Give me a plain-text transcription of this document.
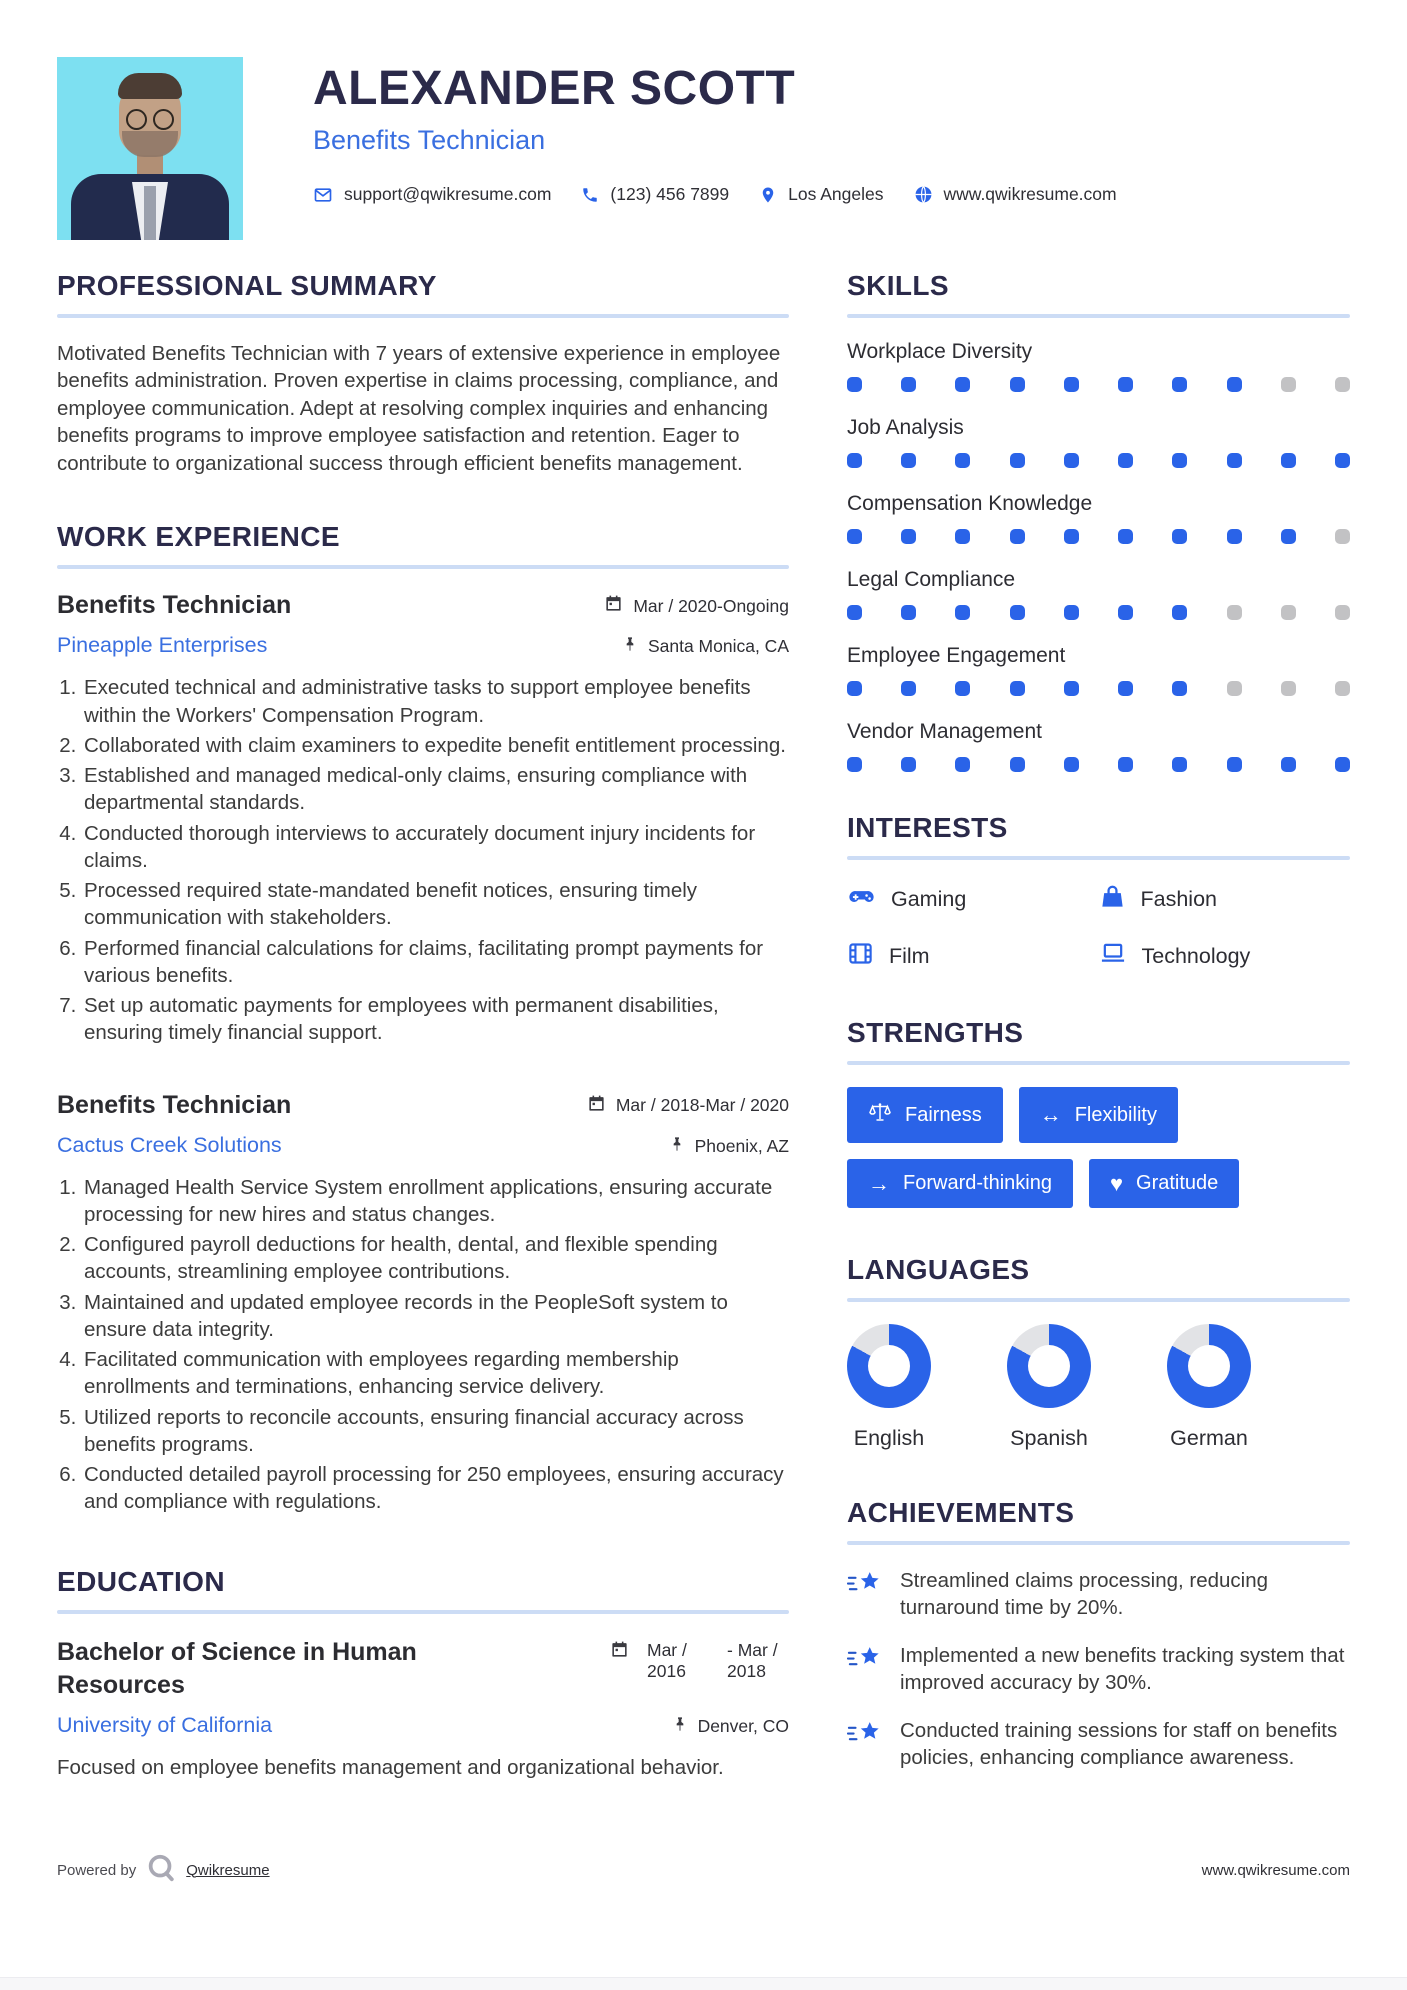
ALEXANDER SCOTT
Benefits Technician
support@qwikresume.com	(123) 456 7899	Los Angeles	www.qwikresume.com
PROFESSIONAL SUMMARY

Motivated Benefits Technician with 7 years of extensive experience in employee benefits administration. Proven expertise in claims processing, compliance, and employee communication. Adept at resolving complex inquiries and enhancing benefits programs to improve employee satisfaction and retention. Eager to contribute to organizational success through efficient benefits management.

WORK EXPERIENCE
Benefits Technician	Mar / 2020-Ongoing
Pineapple Enterprises	Santa Monica, CA
1. Executed technical and administrative tasks to support employee benefits within the Workers' Compensation Program.
2. Collaborated with claim examiners to expedite benefit entitlement processing.
3. Established and managed medical-only claims, ensuring compliance with departmental standards.
4. Conducted thorough interviews to accurately document injury incidents for claims.
5. Processed required state-mandated benefit notices, ensuring timely communication with stakeholders.
6. Performed financial calculations for claims, facilitating prompt payments for various benefits.
7. Set up automatic payments for employees with permanent disabilities, ensuring timely financial support.
Benefits Technician	Mar / 2018-Mar / 2020
Cactus Creek Solutions	Phoenix, AZ
1. Managed Health Service System enrollment applications, ensuring accurate processing for new hires and status changes.
2. Configured payroll deductions for health, dental, and flexible spending accounts, streamlining employee contributions.
3. Maintained and updated employee records in the PeopleSoft system to ensure data integrity.
4. Facilitated communication with employees regarding membership enrollments and terminations, enhancing service delivery.
5. Utilized reports to reconcile accounts, ensuring financial accuracy across benefits programs.
6. Conducted detailed payroll processing for 250 employees, ensuring accuracy and compliance with regulations.
EDUCATION
Bachelor of Science in Human Resources
Mar / 2016
- Mar / 2018
University of California	Denver, CO
Focused on employee benefits management and organizational behavior.
SKILLS

Workplace Diversity

Job Analysis

Compensation Knowledge

Legal Compliance

Employee Engagement

Vendor Management

INTERESTS
Gaming	Fashion
Film	Technology
STRENGTHS
Fairness	↔ Flexibility
→ Forward-thinking	♥ Gratitude
LANGUAGES
English	Spanish	German
ACHIEVEMENTS
Streamlined claims processing, reducing turnaround time by 20%.
Implemented a new benefits tracking system that improved accuracy by 30%.
Conducted training sessions for staff on benefits policies, enhancing compliance awareness.
Powered by	Qwikresume	www.qwikresume.com
